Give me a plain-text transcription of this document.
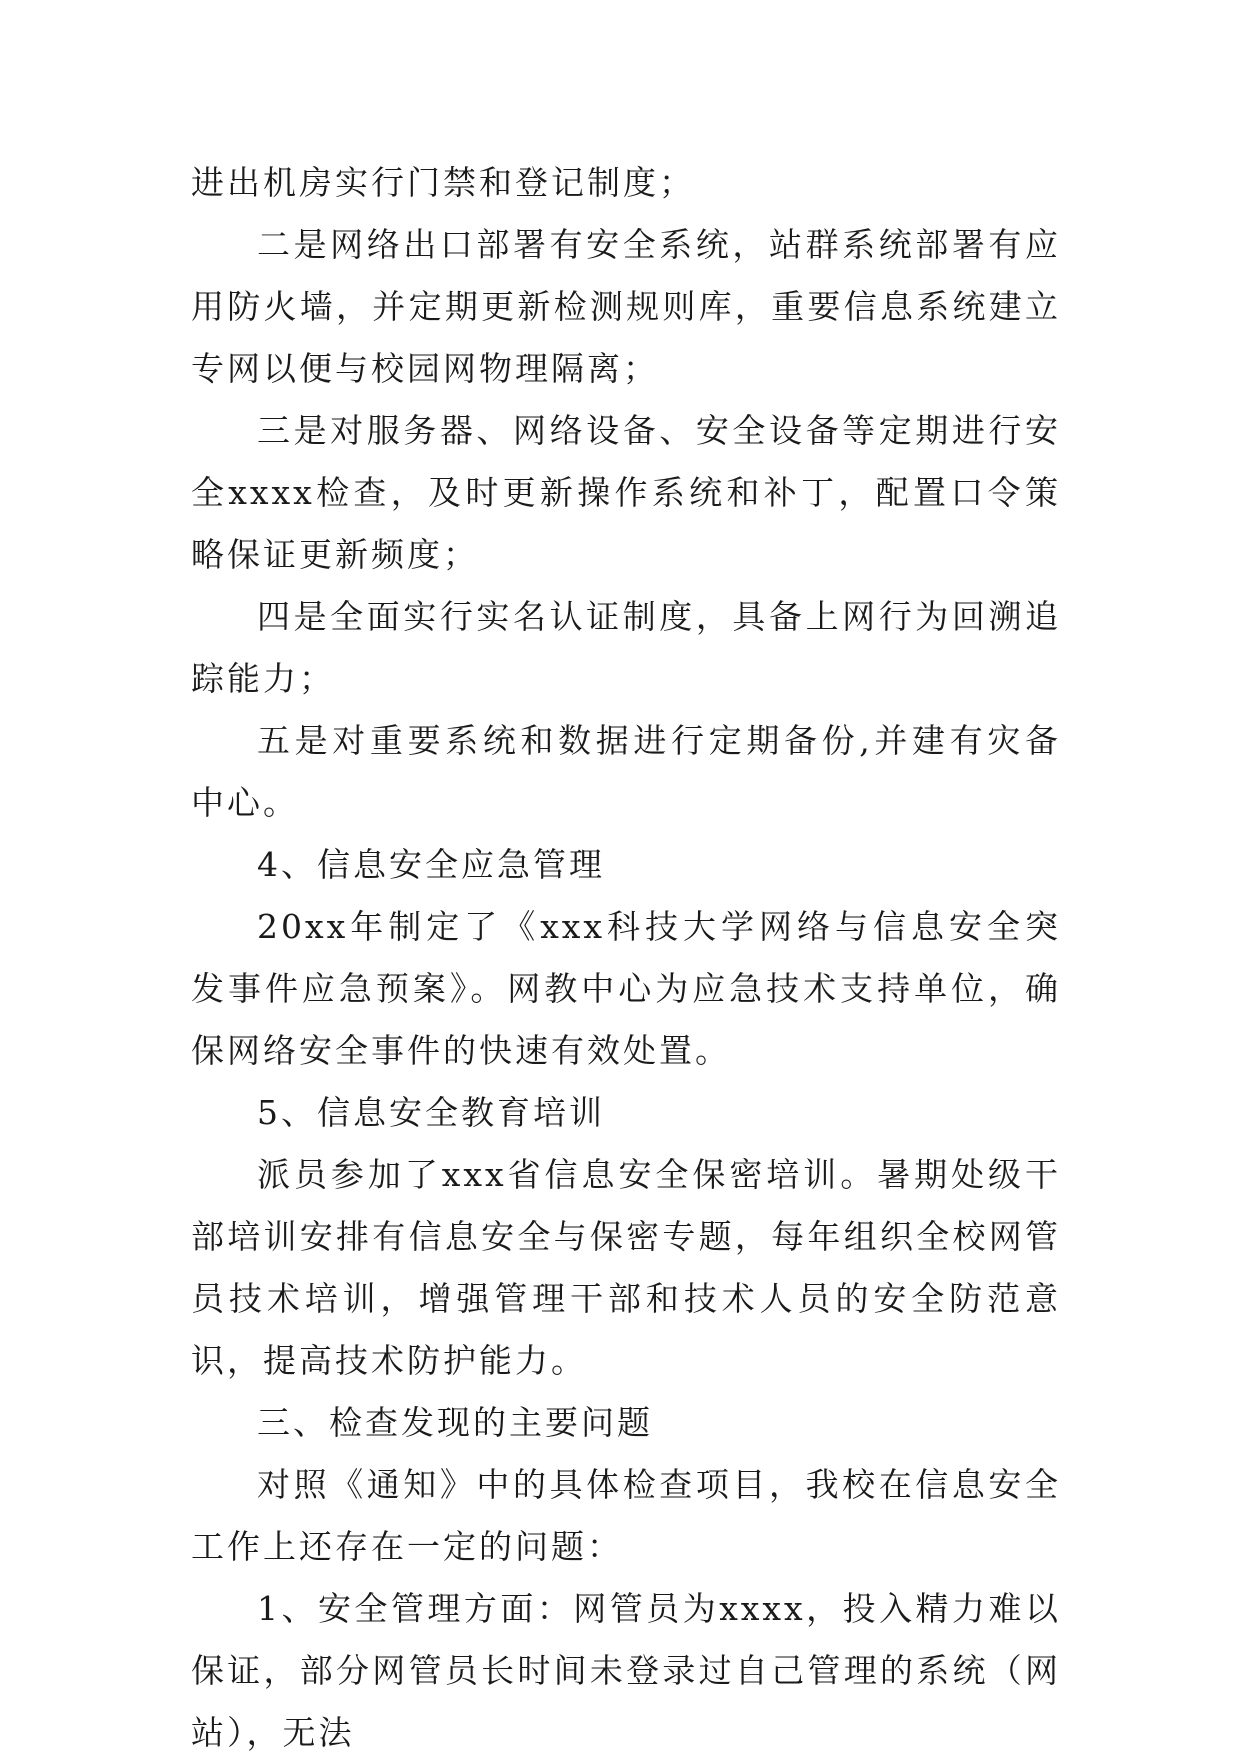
进出机房实行门禁和登记制度；

二是网络出口部署有安全系统，站群系统部署有应用防火墙，并定期更新检测规则库，重要信息系统建立专网以便与校园网物理隔离；

三是对服务器、网络设备、安全设备等定期进行安全xxxx检查，及时更新操作系统和补丁，配置口令策略保证更新频度；

四是全面实行实名认证制度，具备上网行为回溯追踪能力；

五是对重要系统和数据进行定期备份,并建有灾备中心。

4、信息安全应急管理

20xx年制定了《xxx科技大学网络与信息安全突发事件应急预案》。网教中心为应急技术支持单位，确保网络安全事件的快速有效处置。

5、信息安全教育培训

派员参加了xxx省信息安全保密培训。暑期处级干部培训安排有信息安全与保密专题，每年组织全校网管员技术培训，增强管理干部和技术人员的安全防范意识，提高技术防护能力。

三、检查发现的主要问题

对照《通知》中的具体检查项目，我校在信息安全工作上还存在一定的问题：

1、安全管理方面：网管员为xxxx，投入精力难以保证，部分网管员长时间未登录过自己管理的系统（网站），无法
